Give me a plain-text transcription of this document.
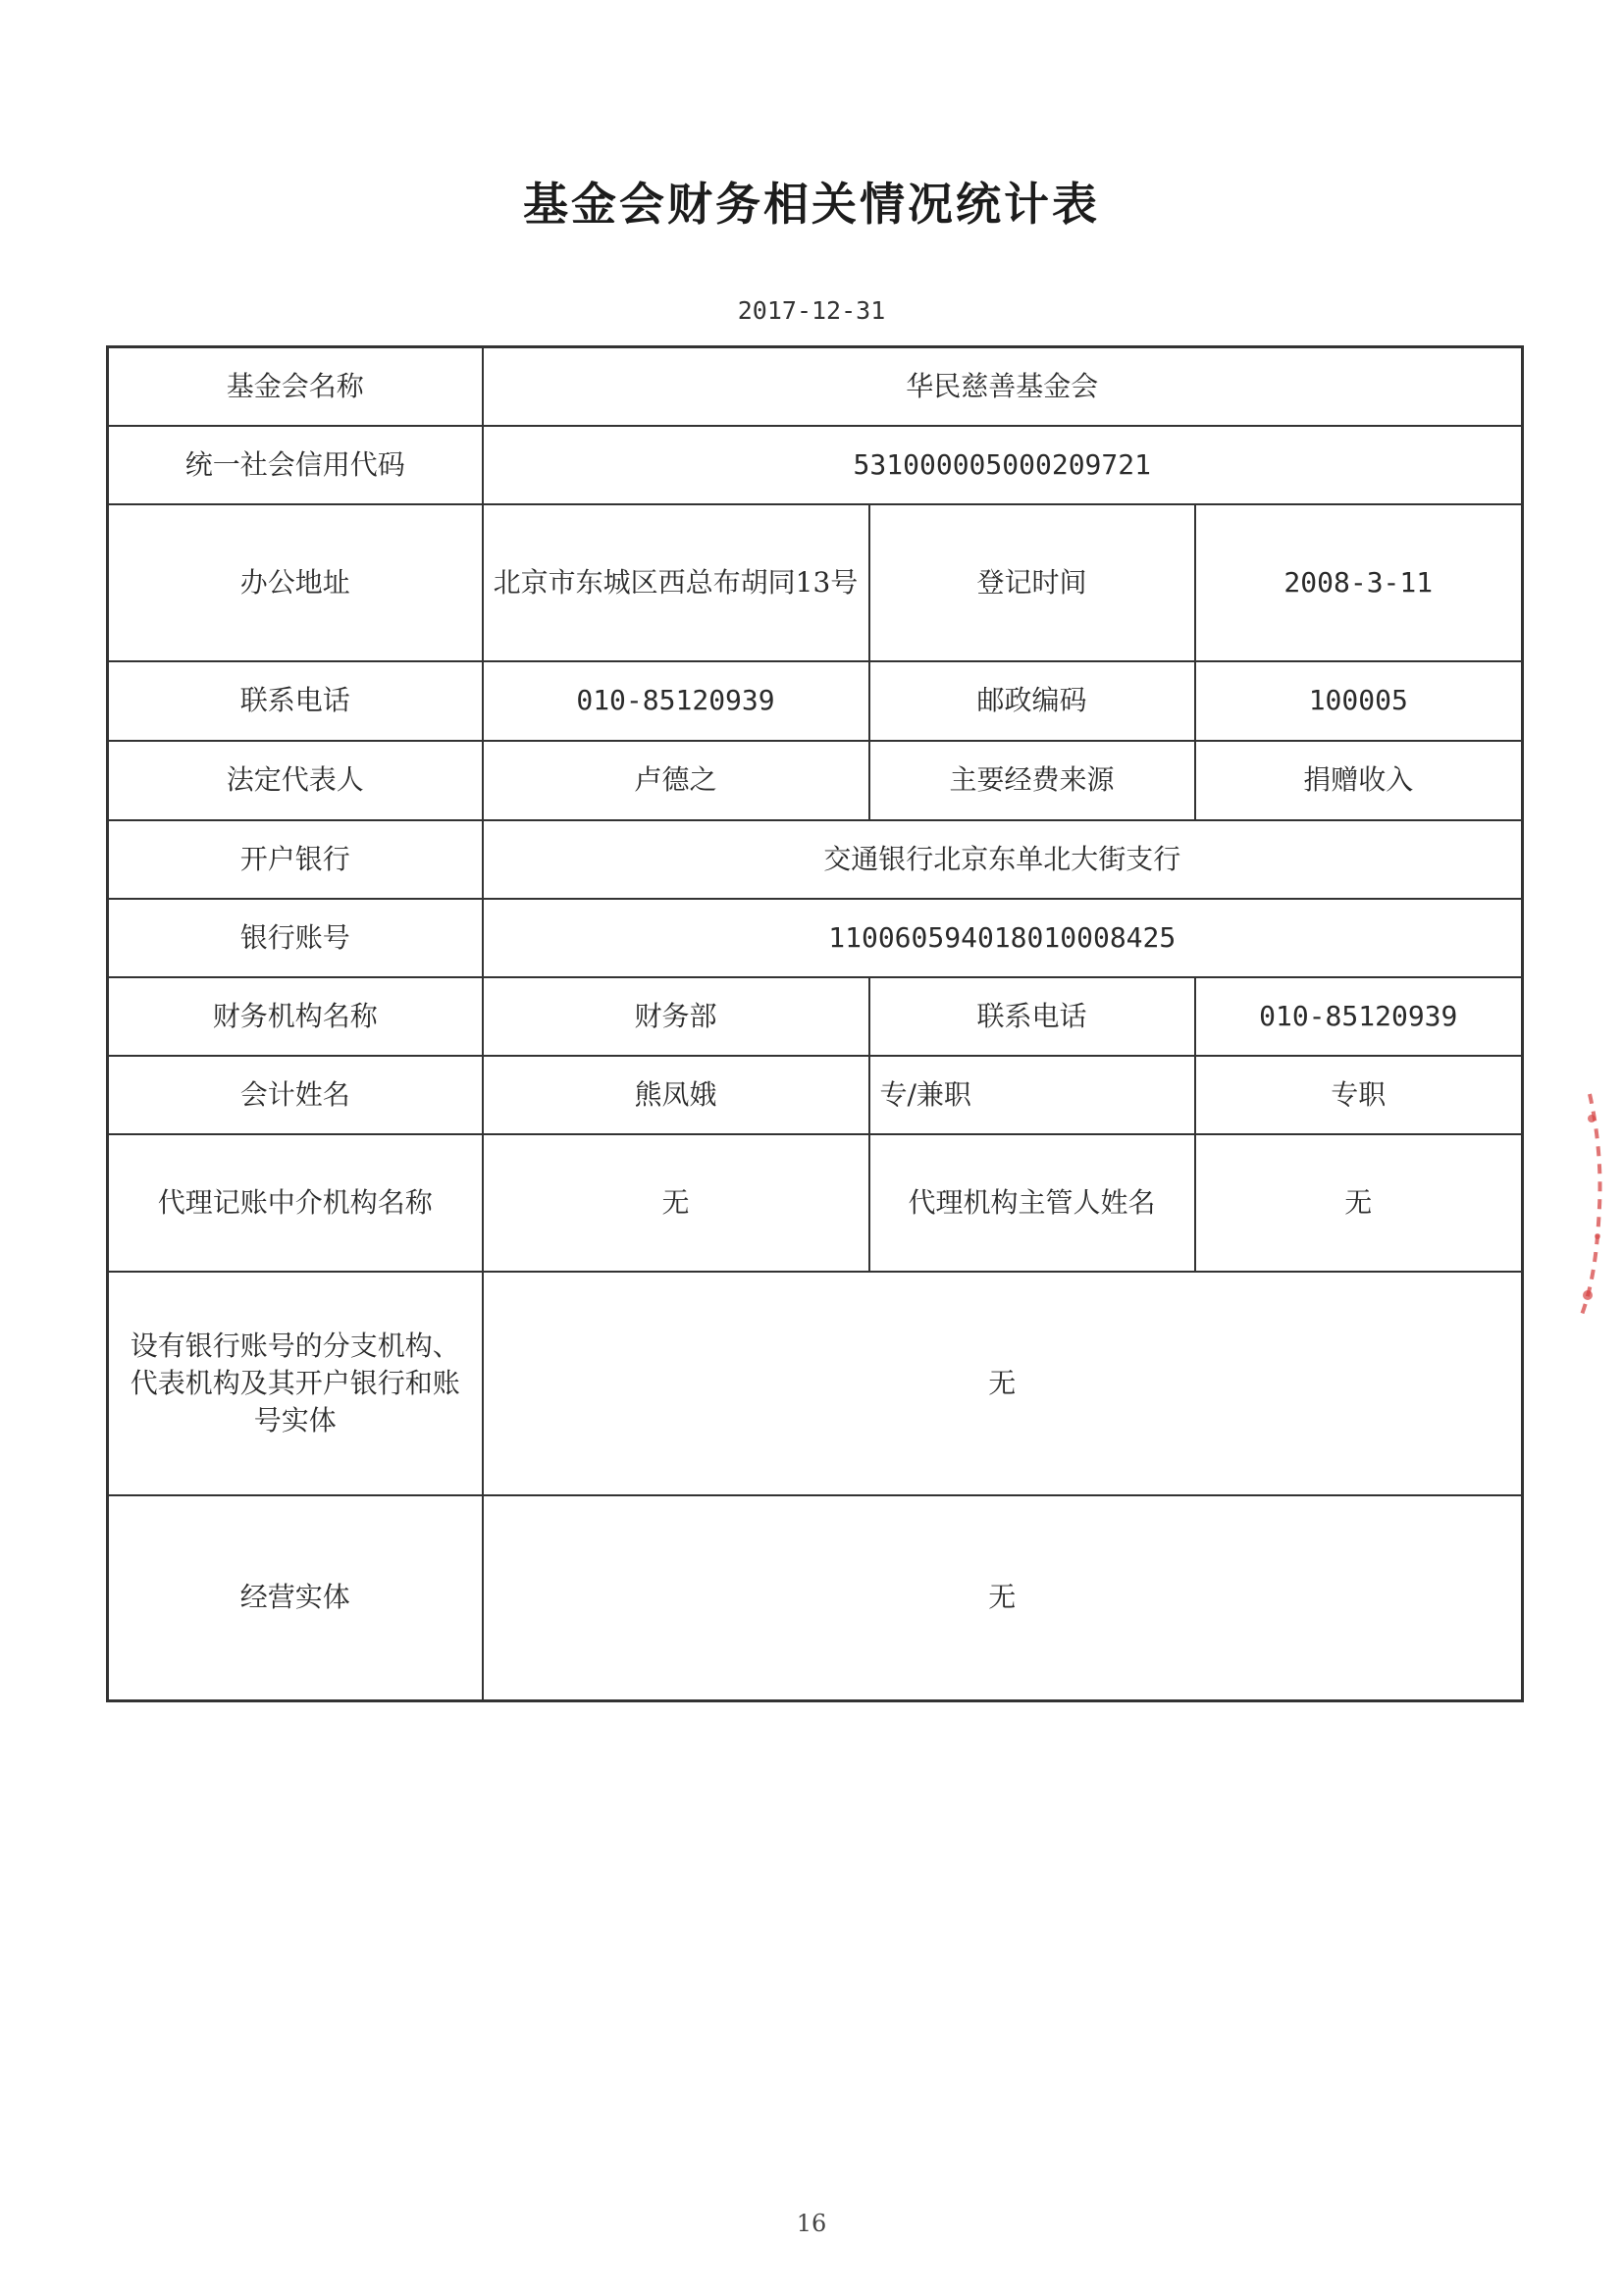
基金会财务相关情况统计表
2017-12-31
基金会名称	华民慈善基金会		
统一社会信用代码	531000005000209721		
办公地址	北京市东城区西总布胡同13号	登记时间	2008-3-11
联系电话	010-85120939	邮政编码	100005
法定代表人	卢德之	主要经费来源	捐赠收入
开户银行	交通银行北京东单北大街支行		
银行账号	110060594018010008425		
财务机构名称	财务部	联系电话	010-85120939
会计姓名	熊凤娥	专/兼职	专职
代理记账中介机构名称	无	代理机构主管人姓名	无
设有银行账号的分支机构、代表机构及其开户银行和账号实体	无		
经营实体	无		
16
